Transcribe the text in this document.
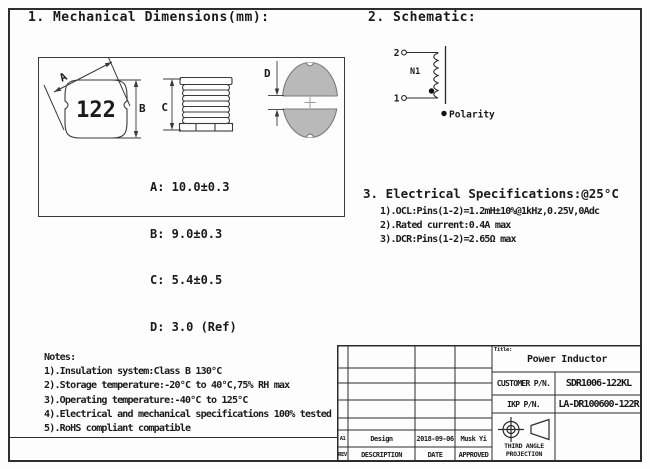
1. Mechanical Dimensions(mm):	2. Schematic:
3. Electrical Specifications:@25°C
122
A
B C
D

A: 10.0±0.3

B: 9.0±0.3

C: 5.4±0.5

D: 3.0 (Ref)

2
1
N1
Polarity
1).OCL:Pins(1-2)=1.2mH±10%@1kHz,0.25V,0Adc
2).Rated current:0.4A max
3).DCR:Pins(1-2)=2.65Ω max
Notes:
1).Insulation system:Class B 130°C
2).Storage temperature:-20°C to 40°C,75% RH max
3).Operating temperature:-40°C to 125°C
4).Electrical and mechanical specifications 100% tested
5).RoHS compliant compatible
A1	Design	2018-09-06 Musk Yi
REV	DESCRIPTION	DATE	APPROVED
Title:
Power Inductor
CUSTOMER P/N.	SDR1006-122KL
IKP P/N.	LA-DR100600-122R
THIRD ANGLE
PROJECTION
